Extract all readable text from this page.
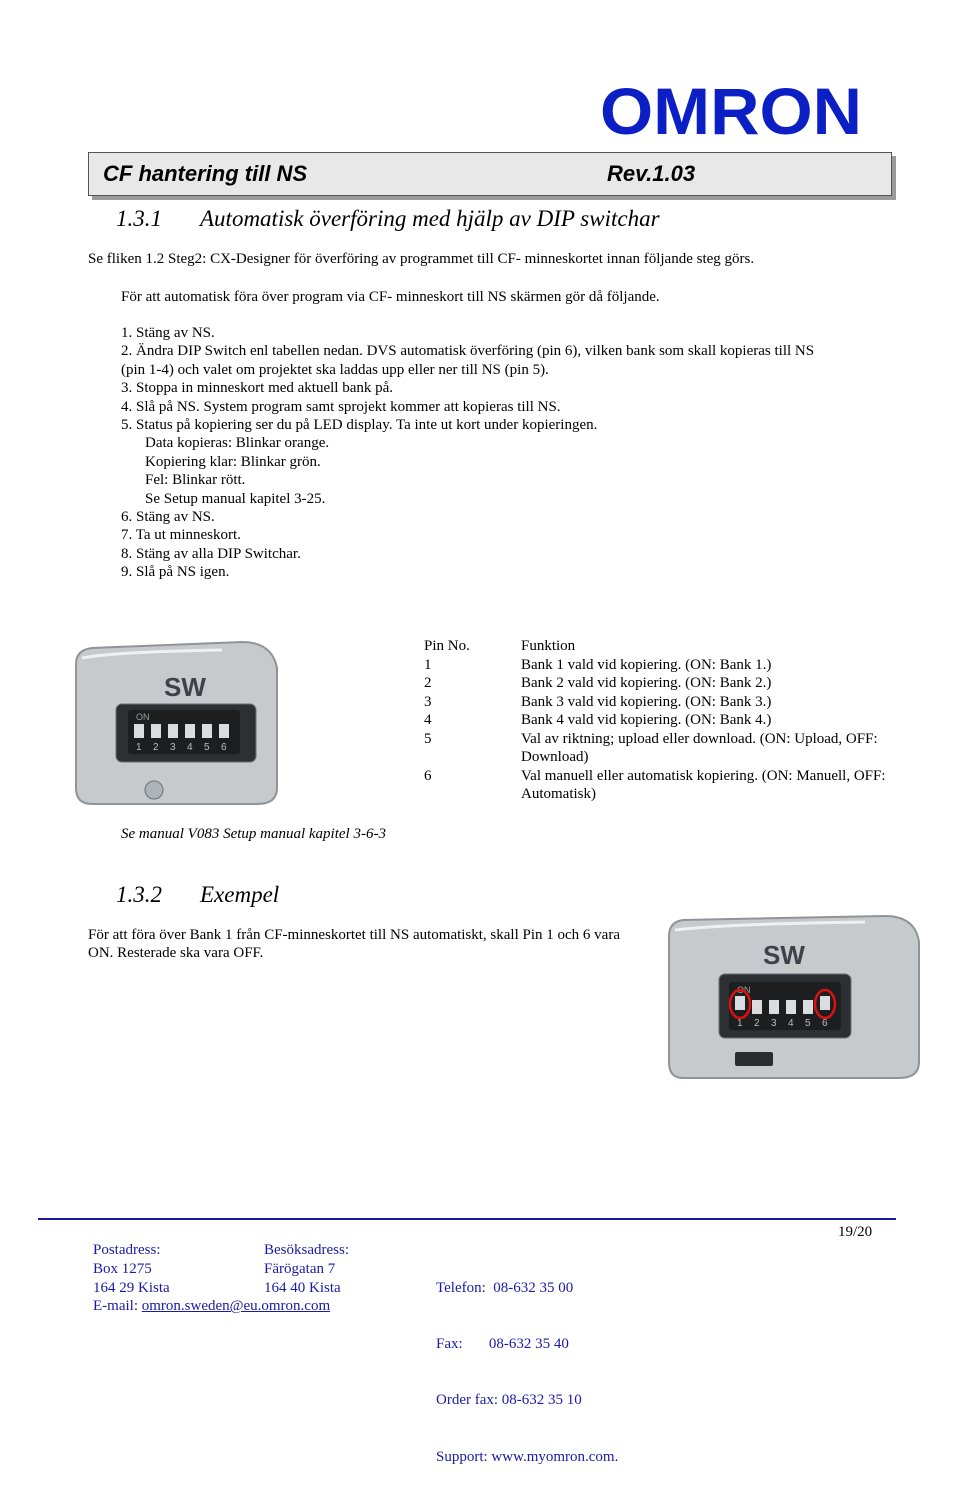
OMRON
CF hantering till NS	Rev.1.03
1.3.1 Automatisk överföring med hjälp av DIP switchar
Se fliken 1.2 Steg2: CX-Designer för överföring av programmet till CF- minneskortet innan följande steg görs.
För att automatisk föra över program via CF- minneskort till NS skärmen gör då följande.
1. Stäng av NS.
2. Ändra DIP Switch enl tabellen nedan. DVS automatisk överföring (pin 6), vilken bank som skall kopieras till NS
(pin 1-4) och valet om projektet ska laddas upp eller ner till NS (pin 5).
3. Stoppa in minneskort med aktuell bank på.
4. Slå på NS. System program samt sprojekt kommer att kopieras till NS.
5. Status på kopiering ser du på LED display. Ta inte ut kort under kopieringen.
Data kopieras: Blinkar orange.
Kopiering klar: Blinkar grön.
Fel: Blinkar rött.
Se Setup manual kapitel 3-25.
6. Stäng av NS.
7. Ta ut minneskort.
8. Stäng av alla DIP Switchar.
9. Slå på NS igen.
SW
ON
1 2 3 4 5 6
Se manual V083 Setup manual kapitel 3-6-3
Pin No.	Funktion
1	Bank 1 vald vid kopiering. (ON: Bank 1.)
2	Bank 2 vald vid kopiering. (ON: Bank 2.)
3	Bank 3 vald vid kopiering. (ON: Bank 3.)
4	Bank 4 vald vid kopiering. (ON: Bank 4.)
5	Val av riktning; upload eller download. (ON: Upload, OFF: Download)
6	Val manuell eller automatisk kopiering. (ON: Manuell, OFF: Automatisk)
1.3.2 Exempel
För att föra över Bank 1 från CF-minneskortet till NS automatiskt, skall Pin 1 och 6 vara ON. Resterade ska vara OFF.	SW
ON
1 2 3 4 5 6
19/20
Postadress:
Box 1275
164 29 Kista
E-mail: omron.sweden@eu.omron.com
Besöksadress:
Färögatan 7
164 40 Kista

	Telefon:  08-632 35 00

Fax:       08-632 35 40

Order fax: 08-632 35 10

Support: www.myomron.com.
